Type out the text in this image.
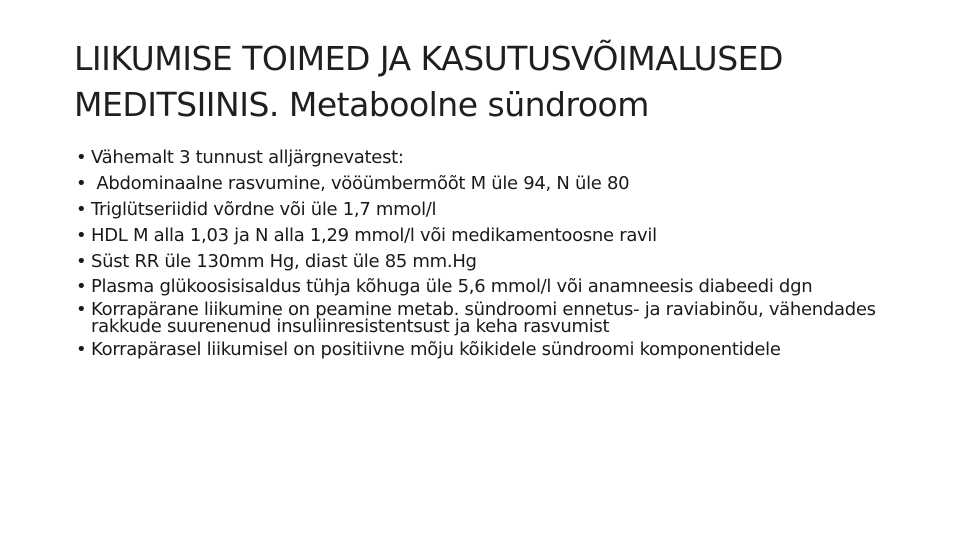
LIIKUMISE TOIMED JA KASUTUSVÕIMALUSED
MEDITSIINIS. Metaboolne sündroom
• Vähemalt 3 tunnust alljärgnevatest:
• Abdominaalne rasvumine, vööümbermõõt M üle 94, N üle 80
• Triglütseriidid võrdne või üle 1,7 mmol/l
• HDL M alla 1,03 ja N alla 1,29 mmol/l või medikamentoosne ravil
• Süst RR üle 130mm Hg, diast üle 85 mm.Hg
• Plasma glükoosisisaldus tühja kõhuga üle 5,6 mmol/l või anamneesis diabeedi dgn
• Korrapärane liikumine on peamine metab. sündroomi ennetus- ja raviabinõu, vähendades rakkude suurenenud insuliinresistentsust ja keha rasvumist
• Korrapärasel liikumisel on positiivne mõju kõikidele sündroomi komponentidele
